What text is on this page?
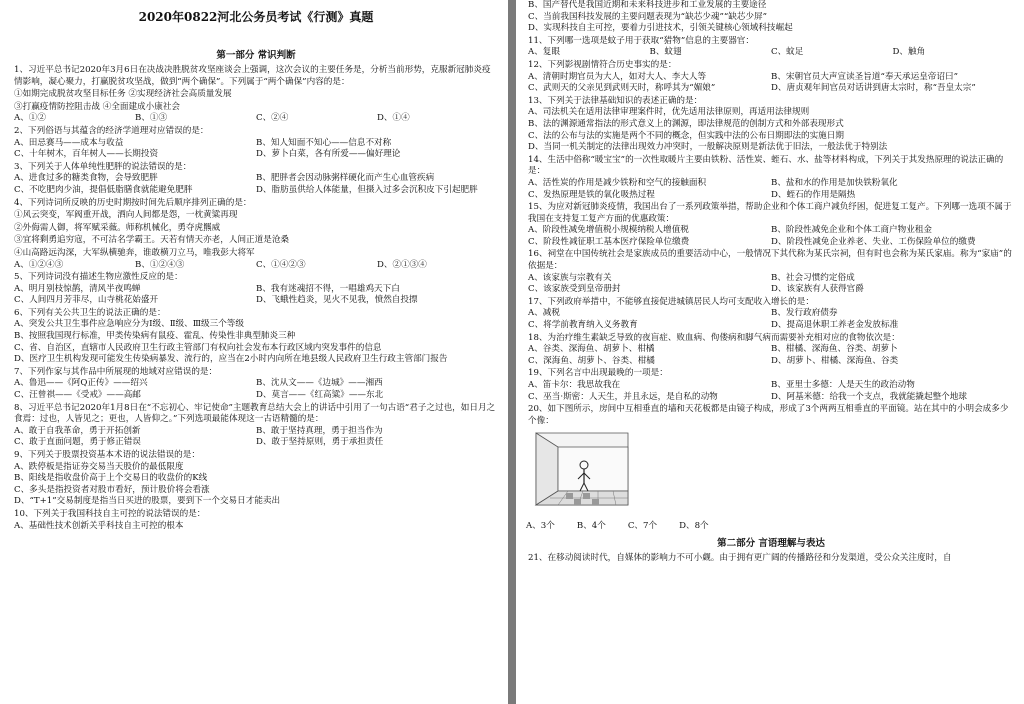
2020年0822河北公务员考试《行测》真题
第一部分 常识判断
1、习近平总书记2020年3月6日在决战决胜脱贫攻坚座谈会上强调，这次会议的主要任务是，分析当前形势，克服新冠肺炎疫情影响，凝心聚力，打赢脱贫攻坚战，做到“两个确保”。下列属于“两个确保”内容的是：
①如期完成脱贫攻坚目标任务 ②实现经济社会高质量发展
③打赢疫情防控阻击战 ④全面建成小康社会
A、①②	B、①③	C、②④	D、①④
2、下列俗语与其蕴含的经济学道理对应错误的是：
A、田忌赛马——成本与收益	B、知人知面不知心——信息不对称
C、十年树木，百年树人——长期投资	D、萝卜白菜，各有所爱——偏好理论
3、下列关于人体单纯性肥胖的说法错误的是：
A、进食过多的糖类食物，会导致肥胖	B、肥胖者会因动脉粥样硬化而产生心血管疾病
C、不吃肥肉少油，提倡低脂膳食就能避免肥胖	D、脂肪虽供给人体能量，但摄入过多会沉积皮下引起肥胖
4、下列诗词所反映的历史时期按时间先后顺序排列正确的是：
①风云突变，军阀重开战，洒向人间都是怨，一枕黄粱再现
②外侮需人御，将军赋采薇。师称机械化，勇夺虎羆威
③宜将剩勇追穷寇，不可沽名学霸王。天若有情天亦老，人间正道是沧桑
④山高路远沟深，大军纵横驰奔，谁敢横刀立马，唯我彭大将军
A、①②④③	B、①②④③	C、①④②③	D、②①③④
5、下列诗词没有描述生物应激性反应的是：
A、明月别枝惊鹊，清风半夜鸣蝉	B、我有迷魂招不得，一唱雄鸡天下白
C、人间四月芳菲尽，山寺桃花始盛开	D、飞蛾性趋炎，见火不见我，愤然自投摽
6、下列有关公共卫生的说法正确的是：
A、突发公共卫生事件应急响应分为Ⅰ级、Ⅱ级、Ⅲ级三个等级
B、按照我国现行标准，甲类传染病有鼠疫、霍乱、传染性非典型肺炎三种
C、省、自治区，直辖市人民政府卫生行政主管部门有权向社会发布本行政区域内突发事件的信息
D、医疗卫生机构发现可能发生传染病暴发、流行的，应当在2小时内向所在地县级人民政府卫生行政主管部门报告
7、下列作家与其作品中所展现的地域对应错误的是：
A、鲁迅——《阿Q正传》——绍兴	B、沈从文——《边城》——湘西
C、汪曾祺——《受戒》——高邮	D、莫言——《红高粱》——东北
8、习近平总书记2020年1月8日在“不忘初心、牢记使命”主题教育总结大会上的讲话中引用了一句古语“君子之过也，如日月之食焉：过也，人皆见之；更也，人皆仰之。”下列选项最能体现这一古语精髓的是：
A、敢于自我革命，勇于开拓创新	B、敢于坚持真理，勇于担当作为
C、敢于直面问题，勇于修正错误	D、敢于坚持原则，勇于承担责任
9、下列关于股票投资基本术语的说法错误的是：
A、跌停板是指证券交易当天股价的最低限度
B、阳线是指收盘价高于上个交易日的收盘价的K线
C、多头是指投资者对股市看好，预计股价将会看涨
D、“T+1”交易制度是指当日买进的股票，要到下一个交易日才能卖出
10、下列关于我国科技自主可控的说法错误的是：
A、基础性技术创新关乎科技自主可控的根本
B、国产替代是我国近期和未来科技进步和工业发展的主要途径
C、当前我国科技发展的主要问题表现为“缺芯少魂”“缺芯少屏”
D、实现科技自主可控，要着力引进技术，引领关键核心领域科技崛起
11、下列哪一选项是蚊子用于获取“猎物”信息的主要器官：
A、复眼	B、蚊翅	C、蚊足	D、触角
12、下列影视剧情符合历史事实的是：
A、清朝时期官员为大人，如对大人、李大人等	B、宋朝官员大声宣读圣旨道“奉天承运皇帝诏曰”
C、武则天的父亲见到武则天时，称呼其为“媚娘”	D、唐贞观年间官员对话讲到唐太宗时，称“吾皇太宗”
13、下列关于法律基础知识的表述正确的是：
A、司法机关在适用法律审理案件时，优先适用法律原则，再适用法律规则
B、法的渊源通常指法的形式意义上的渊源，即法律规范的创制方式和外部表现形式
C、法的公布与法的实施是两个不同的概念，但实践中法的公布日期即法的实施日期
D、当同一机关制定的法律出现效力冲突时，一般解决原则是新法优于旧法，一般法优于特别法
14、生活中俗称“暖宝宝”的一次性取暖片主要由铁粉、活性炭、蛭石、水、盐等材料构成，下列关于其发热原理的说法正确的是：
A、活性炭的作用是减少铁粉和空气的接触面积	B、盐和水的作用是加快铁粉氧化
C、发热原理是铁的氧化吸热过程	D、蛭石的作用是隔热
15、为应对新冠肺炎疫情，我国出台了一系列政策举措，帮助企业和个体工商户减负纾困，促进复工复产。下列哪一选项不属于我国在支持复工复产方面的优惠政策：
A、阶段性减免增值税小规模纳税人增值税	B、阶段性减免企业和个体工商户物业租金
C、阶段性减征职工基本医疗保险单位缴费	D、阶段性减免企业养老、失业、工伤保险单位的缴费
16、祠堂在中国传统社会是家族成员的重要活动中心，一般情况下其代称为某氏宗祠，但有时也会称为某氏家庙。称为“家庙”的依据是：
A、该家族与宗教有关	B、社会习惯约定俗成
C、该家族受到皇帝册封	D、该家族有人获得官爵
17、下列政府举措中，不能够直接促进城镇居民人均可支配收入增长的是：
A、减税	B、发行政府债券
C、将学前教育纳入义务教育	D、提高退休职工养老金发放标准
18、为治疗维生素缺乏导致的夜盲症、败血病、佝偻病和脚气病而需要补充相对应的食物依次是：
A、谷类、深海鱼、胡萝卜、柑橘	B、柑橘、深海鱼、谷类、胡萝卜
C、深海鱼、胡萝卜、谷类、柑橘	D、胡萝卜、柑橘、深海鱼、谷类
19、下列名言中出现最晚的一项是：
A、笛卡尔：我思故我在	B、亚里士多德：人是天生的政治动物
C、巫当·斯密：人天生，并且永远，是自私的动物	D、阿基米德：给我一个支点，我就能撬起整个地球
20、如下图所示，房间中互相垂直的墙和天花板都是由镜子构成，形成了3个两两互相垂直的平面镜。站在其中的小明会成多少个像：
A、3个	B、4个	C、7个	D、8个
第二部分 言语理解与表达
21、在移动阅读时代，自媒体的影响力不可小觑。由于拥有更广阔的传播路径和分发渠道，受公众关注度时，自
